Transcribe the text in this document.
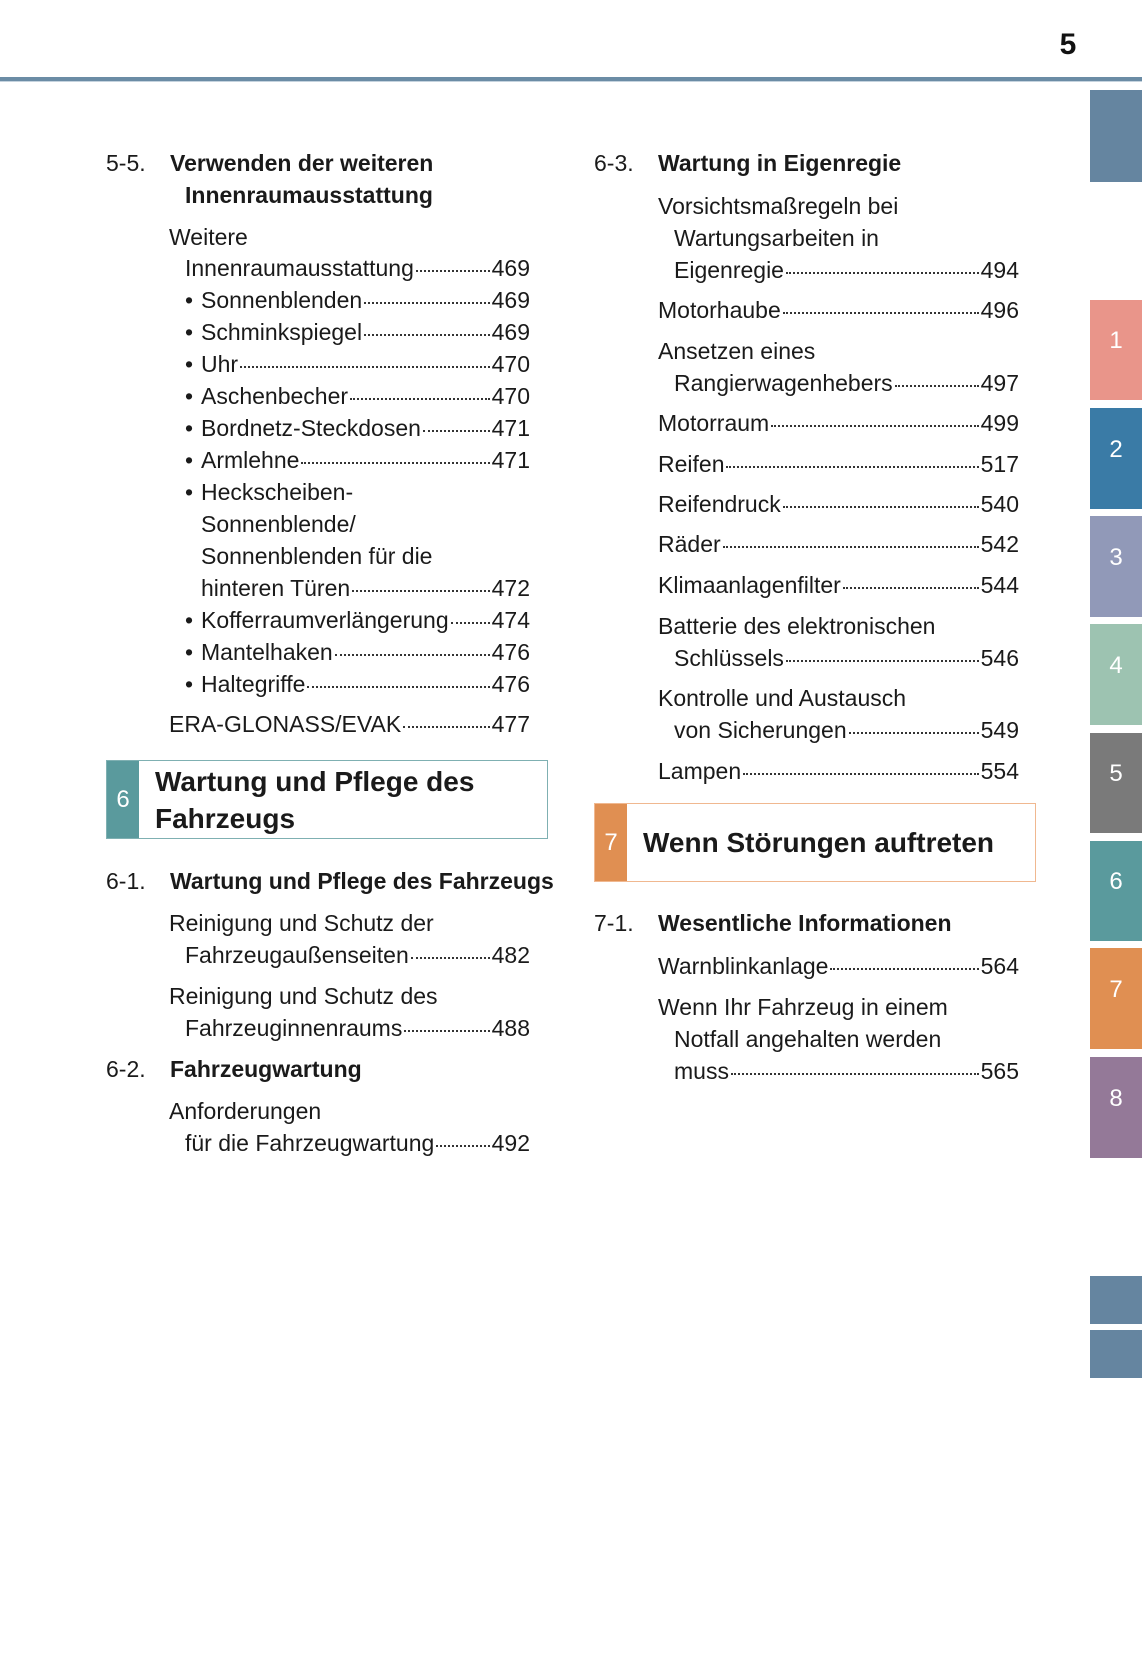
5
1
2
3
4
5
6
7
8
5-5. Verwenden der weiteren
Innenraumausstattung
Weitere
Innenraumausstattung	469
• Sonnenblenden	469
• Schminkspiegel	469
• Uhr	470
• Aschenbecher	470
• Bordnetz-Steckdosen	471
• Armlehne	471
• Heckscheiben-
Sonnenblende/
Sonnenblenden für die
hinteren Türen	472
• Kofferraumverlängerung 474
• Mantelhaken	476
• Haltegriffe	476
ERA-GLONASS/EVAK	477
6
Wartung und Pflege des
Fahrzeugs
6-1. Wartung und Pflege des Fahrzeugs
Reinigung und Schutz der
Fahrzeugaußenseiten	482
Reinigung und Schutz des
Fahrzeuginnenraums	488
6-2. Fahrzeugwartung
Anforderungen
für die Fahrzeugwartung 492
6-3. Wartung in Eigenregie
Vorsichtsmaßregeln bei
Wartungsarbeiten in
Eigenregie	494
Motorhaube	496
Ansetzen eines
Rangierwagenhebers	497
Motorraum	499
Reifen	517
Reifendruck	540
Räder	542
Klimaanlagenfilter	544
Batterie des elektronischen
Schlüssels	546
Kontrolle und Austausch
von Sicherungen	549
Lampen	554
7 Wenn Störungen auftreten
7-1. Wesentliche Informationen
Warnblinkanlage	564
Wenn Ihr Fahrzeug in einem
Notfall angehalten werden
muss	565
